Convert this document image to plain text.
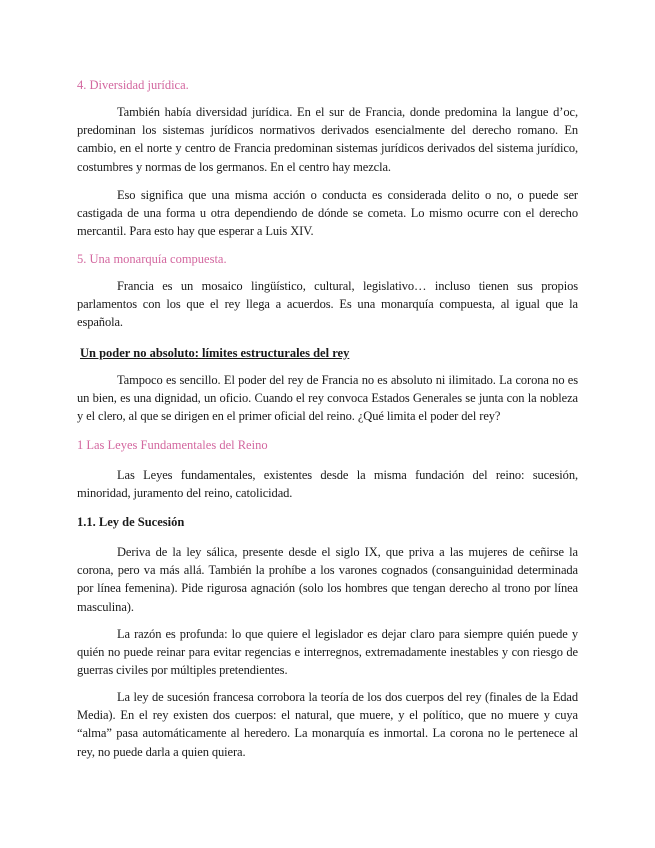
4. Diversidad jurídica.

También había diversidad jurídica. En el sur de Francia, donde predomina la langue d’oc, predominan los sistemas jurídicos normativos derivados esencialmente del derecho romano. En cambio, en el norte y centro de Francia predominan sistemas jurídicos derivados del sistema jurídico, costumbres y normas de los germanos. En el centro hay mezcla.

Eso significa que una misma acción o conducta es considerada delito o no, o puede ser castigada de una forma u otra dependiendo de dónde se cometa. Lo mismo ocurre con el derecho mercantil. Para esto hay que esperar a Luis XIV.

5. Una monarquía compuesta.

Francia es un mosaico lingüístico, cultural, legislativo… incluso tienen sus propios parlamentos con los que el rey llega a acuerdos. Es una monarquía compuesta, al igual que la española.

Un poder no absoluto: límites estructurales del rey

Tampoco es sencillo. El poder del rey de Francia no es absoluto ni ilimitado. La corona no es un bien, es una dignidad, un oficio. Cuando el rey convoca Estados Generales se junta con la nobleza y el clero, al que se dirigen en el primer oficial del reino. ¿Qué limita el poder del rey?

1 Las Leyes Fundamentales del Reino

Las Leyes fundamentales, existentes desde la misma fundación del reino: sucesión, minoridad, juramento del reino, catolicidad.

1.1. Ley de Sucesión

Deriva de la ley sálica, presente desde el siglo IX, que priva a las mujeres de ceñirse la corona, pero va más allá. También la prohíbe a los varones cognados (consanguinidad determinada por línea femenina). Pide rigurosa agnación (solo los hombres que tengan derecho al trono por línea masculina).

La razón es profunda: lo que quiere el legislador es dejar claro para siempre quién puede y quién no puede reinar para evitar regencias e interregnos, extremadamente inestables y con riesgo de guerras civiles por múltiples pretendientes.

La ley de sucesión francesa corrobora la teoría de los dos cuerpos del rey (finales de la Edad Media). En el rey existen dos cuerpos: el natural, que muere, y el político, que no muere y cuya “alma” pasa automáticamente al heredero. La monarquía es inmortal. La corona no le pertenece al rey, no puede darla a quien quiera.
